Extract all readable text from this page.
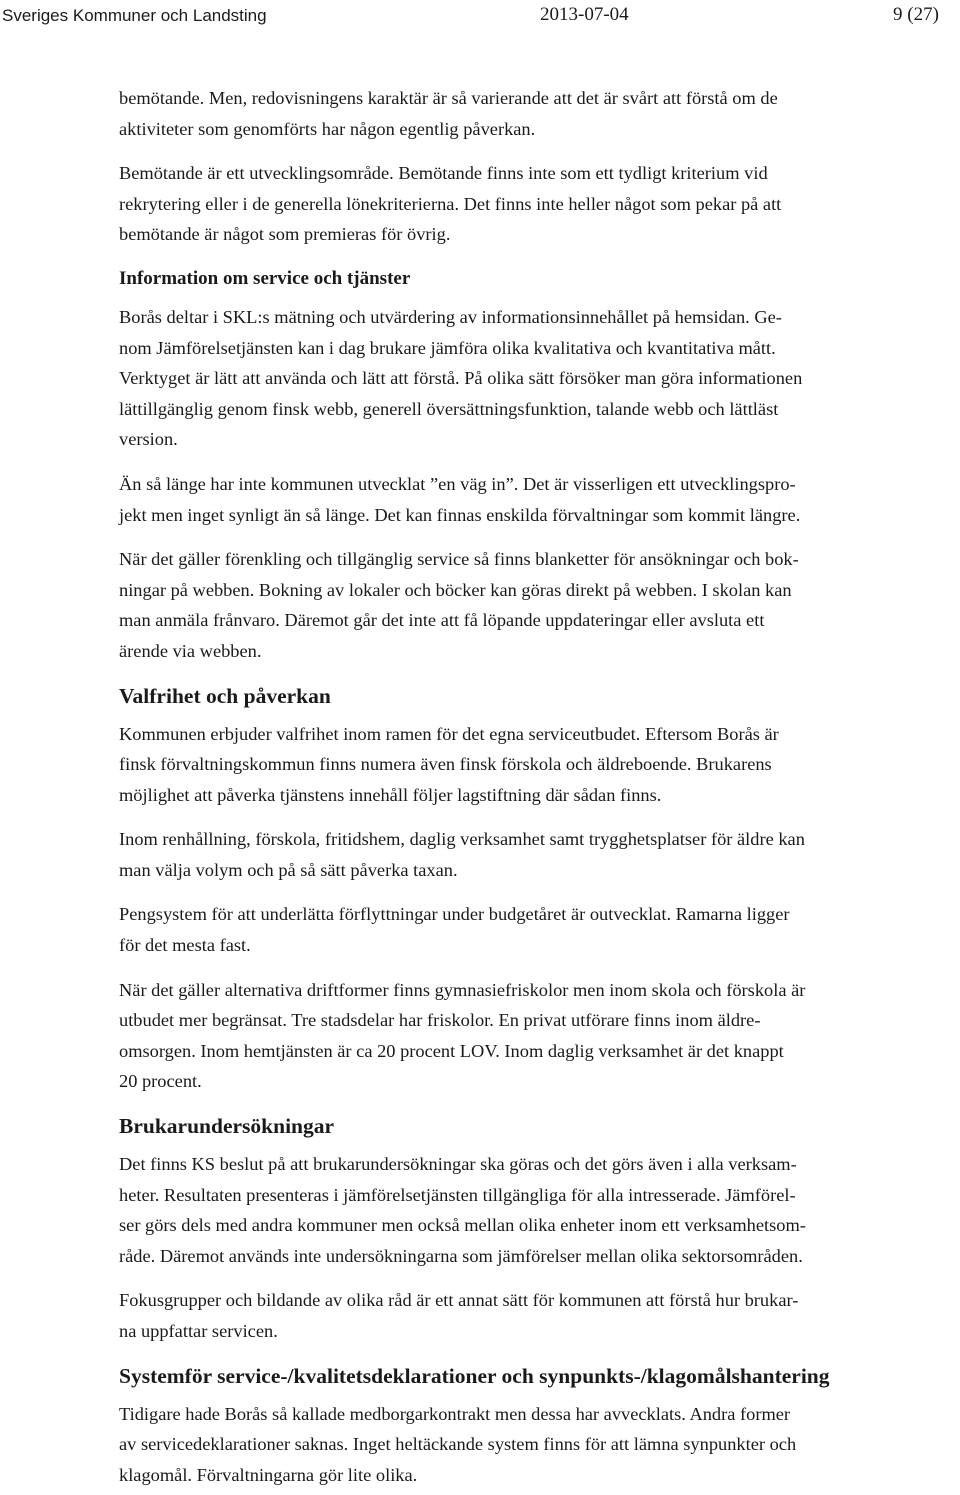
Sveriges Kommuner och Landsting	2013-07-04	9 (27)

bemötande. Men, redovisningens karaktär är så varierande att det är svårt att förstå om de
aktiviteter som genomförts har någon egentlig påverkan.

Bemötande är ett utvecklingsområde. Bemötande finns inte som ett tydligt kriterium vid
rekrytering eller i de generella lönekriterierna. Det finns inte heller något som pekar på att
bemötande är något som premieras för övrig.

Information om service och tjänster

Borås deltar i SKL:s mätning och utvärdering av informationsinnehållet på hemsidan. Ge-
nom Jämförelsetjänsten kan i dag brukare jämföra olika kvalitativa och kvantitativa mått.
Verktyget är lätt att använda och lätt att förstå. På olika sätt försöker man göra informationen
lättillgänglig genom finsk webb, generell översättningsfunktion, talande webb och lättläst
version.

Än så länge har inte kommunen utvecklat ”en väg in”. Det är visserligen ett utvecklingspro-
jekt men inget synligt än så länge. Det kan finnas enskilda förvaltningar som kommit längre.

När det gäller förenkling och tillgänglig service så finns blanketter för ansökningar och bok-
ningar på webben. Bokning av lokaler och böcker kan göras direkt på webben. I skolan kan
man anmäla frånvaro. Däremot går det inte att få löpande uppdateringar eller avsluta ett
ärende via webben.

Valfrihet och påverkan

Kommunen erbjuder valfrihet inom ramen för det egna serviceutbudet. Eftersom Borås är
finsk förvaltningskommun finns numera även finsk förskola och äldreboende. Brukarens
möjlighet att påverka tjänstens innehåll följer lagstiftning där sådan finns.

Inom renhållning, förskola, fritidshem, daglig verksamhet samt trygghetsplatser för äldre kan
man välja volym och på så sätt påverka taxan.

Pengsystem för att underlätta förflyttningar under budgetåret är outvecklat. Ramarna ligger
för det mesta fast.

När det gäller alternativa driftformer finns gymnasiefriskolor men inom skola och förskola är
utbudet mer begränsat. Tre stadsdelar har friskolor. En privat utförare finns inom äldre-
omsorgen. Inom hemtjänsten är ca 20 procent LOV. Inom daglig verksamhet är det knappt
20 procent.

Brukarundersökningar

Det finns KS beslut på att brukarundersökningar ska göras och det görs även i alla verksam-
heter. Resultaten presenteras i jämförelsetjänsten tillgängliga för alla intresserade. Jämförel-
ser görs dels med andra kommuner men också mellan olika enheter inom ett verksamhetsom-
råde. Däremot används inte undersökningarna som jämförelser mellan olika sektorsområden.

Fokusgrupper och bildande av olika råd är ett annat sätt för kommunen att förstå hur brukar-
na uppfattar servicen.

Systemför service-/kvalitetsdeklarationer och synpunkts-/klagomålshantering

Tidigare hade Borås så kallade medborgarkontrakt men dessa har avvecklats. Andra former
av servicedeklarationer saknas. Inget heltäckande system finns för att lämna synpunkter och
klagomål. Förvaltningarna gör lite olika.
